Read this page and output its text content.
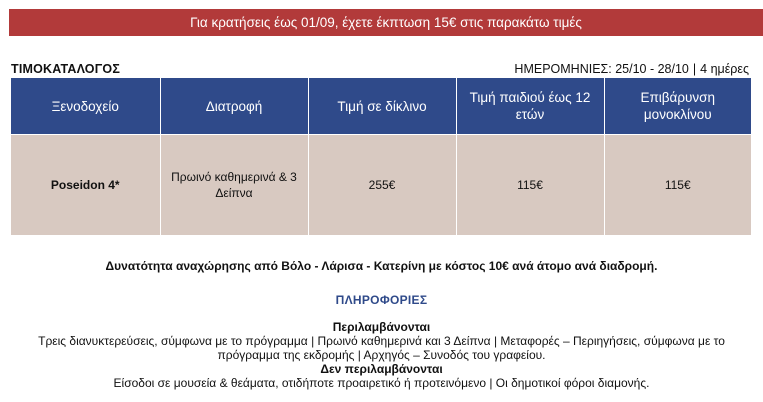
Για κρατήσεις έως 01/09, έχετε έκπτωση 15€ στις παρακάτω τιμές
ΤΙΜΟΚΑΤΑΛΟΓΟΣ	ΗΜΕΡΟΜΗΝΙΕΣ: 25/10 - 28/10 | 4 ημέρες
Ξενοδοχείο	Διατροφή	Τιμή σε δίκλινο	Τιμή παιδιού έως 12 ετών	Επιβάρυνση μονοκλίνου
Poseidon 4*	Πρωινό καθημερινά & 3 Δείπνα	255€	115€	115€
Δυνατότητα αναχώρησης από Βόλο - Λάρισα - Κατερίνη με κόστος 10€ ανά άτομο ανά διαδρομή.
ΠΛΗΡΟΦΟΡΙΕΣ
Περιλαμβάνονται
Τρεις διανυκτερεύσεις, σύμφωνα με το πρόγραμμα | Πρωινό καθημερινά και 3 Δείπνα | Μεταφορές – Περιηγήσεις, σύμφωνα με το πρόγραμμα της εκδρομής | Αρχηγός – Συνοδός του γραφείου.
Δεν περιλαμβάνονται
Είσοδοι σε μουσεία & θεάματα, οτιδήποτε προαιρετικό ή προτεινόμενο | Οι δημοτικοί φόροι διαμονής.
